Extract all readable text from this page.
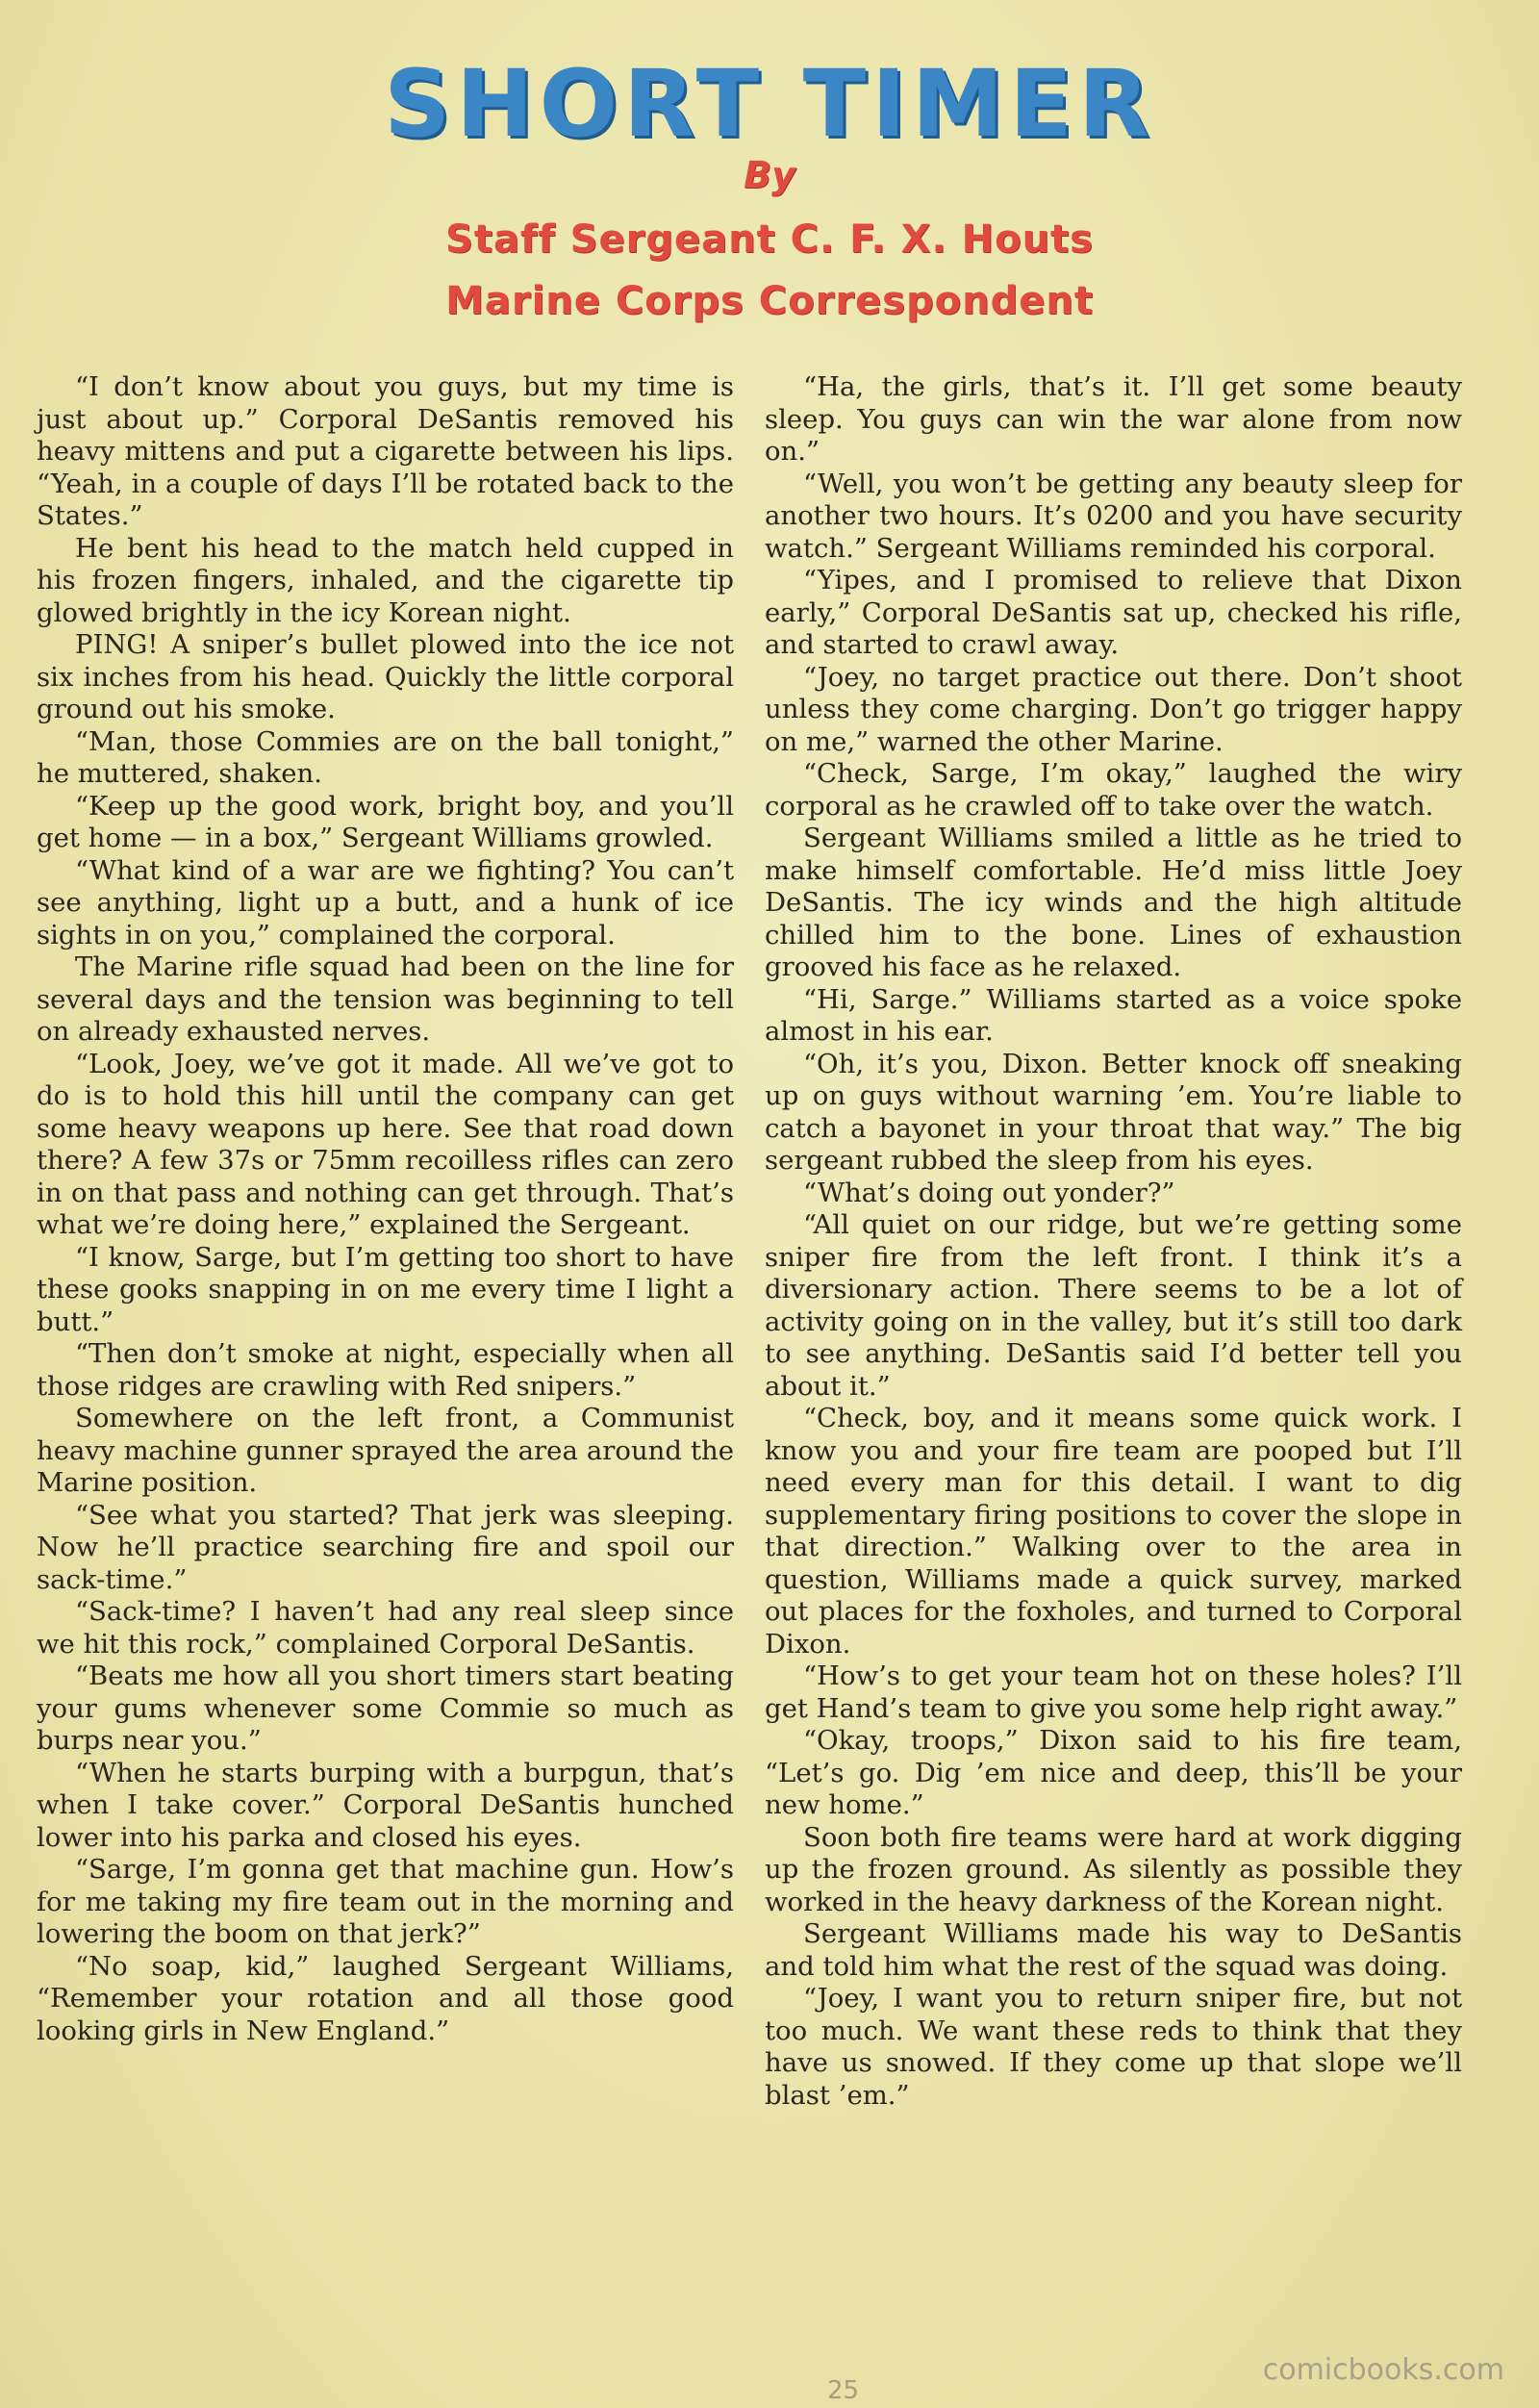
SHORT TIMER
By
Staff Sergeant C. F. X. Houts
Marine Corps Correspondent

“I don’t know about you guys, but my time is just about up.” Corporal DeSantis removed his heavy mittens and put a cigarette between his lips. “Yeah, in a couple of days I’ll be rotated back to the States.”

He bent his head to the match held cupped in his frozen fingers, inhaled, and the cigarette tip glowed brightly in the icy Korean night.

PING! A sniper’s bullet plowed into the ice not six inches from his head. Quickly the little corporal ground out his smoke.

“Man, those Commies are on the ball tonight,” he muttered, shaken.

“Keep up the good work, bright boy, and you’ll get home — in a box,” Sergeant Williams growled.

“What kind of a war are we fighting? You can’t see anything, light up a butt, and a hunk of ice sights in on you,” complained the corporal.

The Marine rifle squad had been on the line for several days and the tension was beginning to tell on already exhausted nerves.

“Look, Joey, we’ve got it made. All we’ve got to do is to hold this hill until the company can get some heavy weapons up here. See that road down there? A few 37s or 75mm recoilless rifles can zero in on that pass and nothing can get through. That’s what we’re doing here,” explained the Sergeant.

“I know, Sarge, but I’m getting too short to have these gooks snapping in on me every time I light a butt.”

“Then don’t smoke at night, especially when all those ridges are crawling with Red snipers.”

Somewhere on the left front, a Communist heavy machine gunner sprayed the area around the Marine position.

“See what you started? That jerk was sleeping. Now he’ll practice searching fire and spoil our sack-time.”

“Sack-time? I haven’t had any real sleep since we hit this rock,” complained Corporal DeSantis.

“Beats me how all you short timers start beating your gums whenever some Commie so much as burps near you.”

“When he starts burping with a burpgun, that’s when I take cover.” Corporal DeSantis hunched lower into his parka and closed his eyes.

“Sarge, I’m gonna get that machine gun. How’s for me taking my fire team out in the morning and lowering the boom on that jerk?”

“No soap, kid,” laughed Sergeant Williams, “Remember your rotation and all those good looking girls in New England.”

“Ha, the girls, that’s it. I’ll get some beauty sleep. You guys can win the war alone from now on.”

“Well, you won’t be getting any beauty sleep for another two hours. It’s 0200 and you have security watch.” Sergeant Williams reminded his corporal.

“Yipes, and I promised to relieve that Dixon early,” Corporal DeSantis sat up, checked his rifle, and started to crawl away.

“Joey, no target practice out there. Don’t shoot unless they come charging. Don’t go trigger happy on me,” warned the other Marine.

“Check, Sarge, I’m okay,” laughed the wiry corporal as he crawled off to take over the watch.

Sergeant Williams smiled a little as he tried to make himself comfortable. He’d miss little Joey DeSantis. The icy winds and the high altitude chilled him to the bone. Lines of exhaustion grooved his face as he relaxed.

“Hi, Sarge.” Williams started as a voice spoke almost in his ear.

“Oh, it’s you, Dixon. Better knock off sneaking up on guys without warning ’em. You’re liable to catch a bayonet in your throat that way.” The big sergeant rubbed the sleep from his eyes.

“What’s doing out yonder?”

“All quiet on our ridge, but we’re getting some sniper fire from the left front. I think it’s a diversionary action. There seems to be a lot of activity going on in the valley, but it’s still too dark to see anything. DeSantis said I’d better tell you about it.”

“Check, boy, and it means some quick work. I know you and your fire team are pooped but I’ll need every man for this detail. I want to dig supplementary firing positions to cover the slope in that direction.” Walking over to the area in question, Williams made a quick survey, marked out places for the foxholes, and turned to Corporal Dixon.

“How’s to get your team hot on these holes? I’ll get Hand’s team to give you some help right away.”

“Okay, troops,” Dixon said to his fire team, “Let’s go. Dig ’em nice and deep, this’ll be your new home.”

Soon both fire teams were hard at work digging up the frozen ground. As silently as possible they worked in the heavy darkness of the Korean night.

Sergeant Williams made his way to DeSantis and told him what the rest of the squad was doing.

“Joey, I want you to return sniper fire, but not too much. We want these reds to think that they have us snowed. If they come up that slope we’ll blast ’em.”

comicbooks.com
25
